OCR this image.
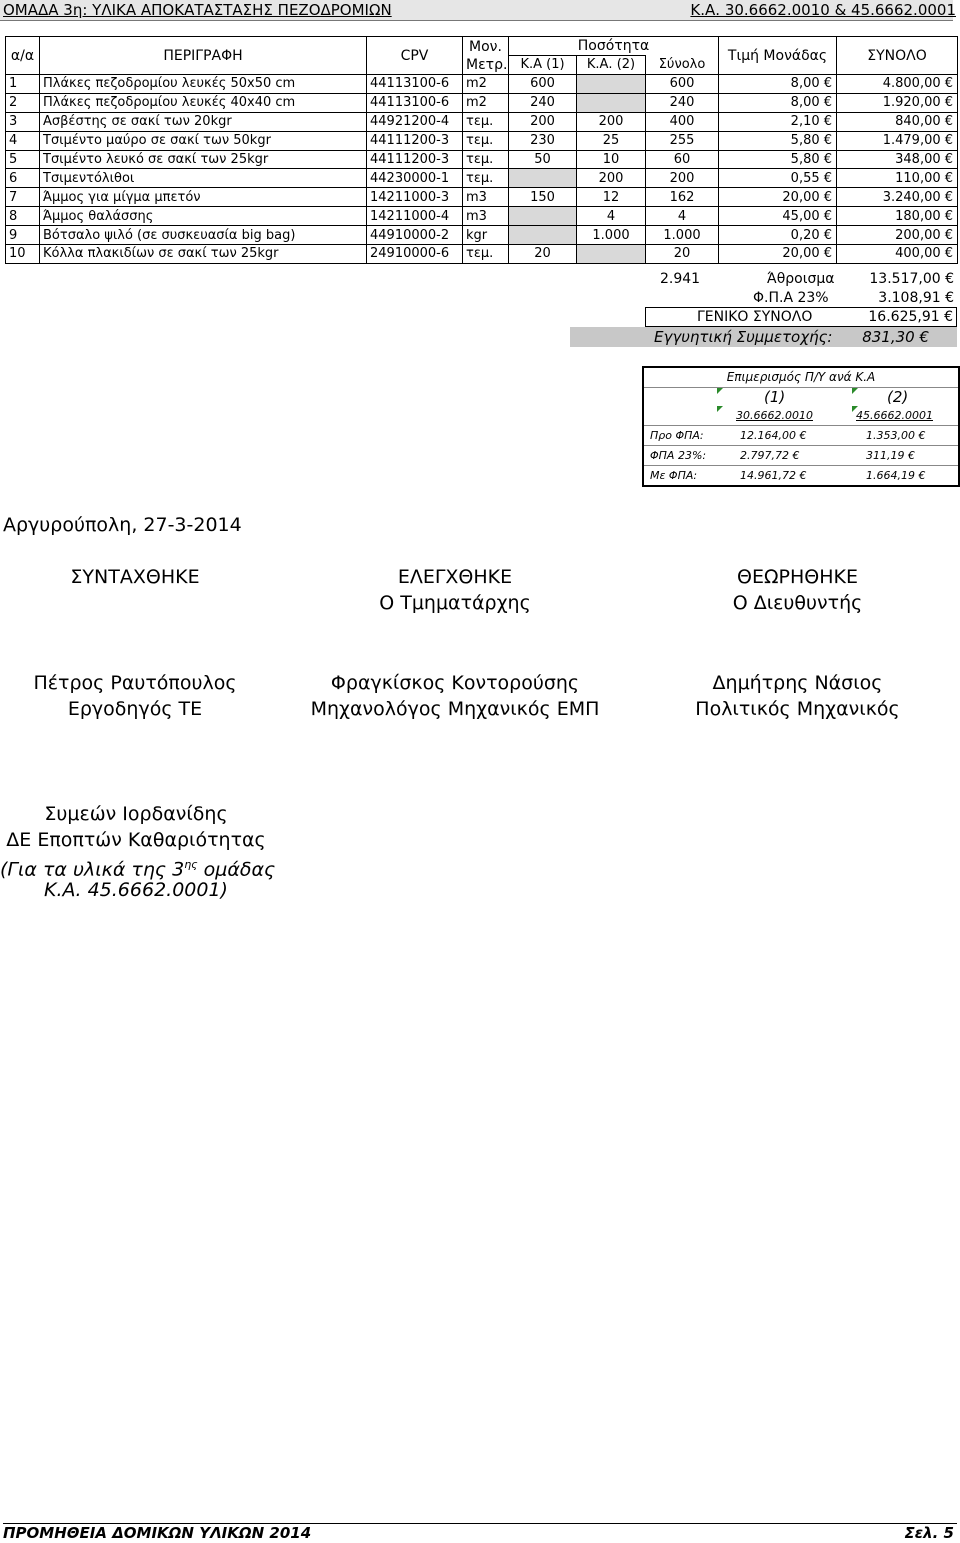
ΟΜΑΔΑ 3η: ΥΛΙΚΑ ΑΠΟΚΑΤΑΣΤΑΣΗΣ ΠΕΖΟΔΡΟΜΙΩΝ	Κ.Α. 30.6662.0010 & 45.6662.0001
α/α	ΠΕΡΙΓΡΑΦΗ	CPV	Μον.
Μετρ.	Ποσότητα			Τιμή Μονάδας	ΣΥΝΟΛΟ
				Κ.Α (1)	Κ.Α. (2)	Σύνολο		
1	Πλάκες πεζοδρομίου λευκές 50x50 cm	44113100-6	m2	600		600	8,00 €	4.800,00 €
2	Πλάκες πεζοδρομίου λευκές 40x40 cm	44113100-6	m2	240		240	8,00 €	1.920,00 €
3	Ασβέστης σε σακί των 20kgr	44921200-4	τεμ.	200	200	400	2,10 €	840,00 €
4	Τσιμέντο μαύρο σε σακί των 50kgr	44111200-3	τεμ.	230	25	255	5,80 €	1.479,00 €
5	Τσιμέντο λευκό σε σακί των 25kgr	44111200-3	τεμ.	50	10	60	5,80 €	348,00 €
6	Τσιμεντόλιθοι	44230000-1	τεμ.		200	200	0,55 €	110,00 €
7	Άμμος για μίγμα μπετόν	14211000-3	m3	150	12	162	20,00 €	3.240,00 €
8	Άμμος θαλάσσης	14211000-4	m3		4	4	45,00 €	180,00 €
9	Βότσαλο ψιλό (σε συσκευασία big bag)	44910000-2	kgr		1.000	1.000	0,20 €	200,00 €
10	Κόλλα πλακιδίων σε σακί των 25kgr	24910000-6	τεμ.	20		20	20,00 €	400,00 €
2.941	Άθροισμα 13.517,00 €
Φ.Π.Α 23%	3.108,91 €
ΓΕΝΙΚΟ ΣΥΝΟΛΟ	16.625,91 €
Εγγυητική Συμμετοχής: 831,30 €
Επιμερισμός Π/Υ ανά Κ.Α
(1)	(2)
30.6662.0010	45.6662.0001
Προ ΦΠΑ:	12.164,00 €	1.353,00 €
ΦΠΑ 23%:	2.797,72 €	311,19 €
Με ΦΠΑ:	14.961,72 €	1.664,19 €
Αργυρούπολη, 27-3-2014
ΣΥΝΤΑΧΘΗΚΕ	ΕΛΕΓΧΘΗΚΕ
Ο Τμηματάρχης
ΘΕΩΡΗΘΗΚΕ
Ο Διευθυντής
Πέτρος Ραυτόπουλος
Εργοδηγός ΤΕ
Φραγκίσκος Κοντορούσης
Μηχανολόγος Μηχανικός ΕΜΠ
Δημήτρης Νάσιος
Πολιτικός Μηχανικός
Συμεών Ιορδανίδης
ΔΕ Εποπτών Καθαριότητας
(Για τα υλικά της $3^{\eta\varsigma}$ ομάδας
Κ.Α. 45.6662.0001)
ΠΡΟΜΗΘΕΙΑ ΔΟΜΙΚΩΝ ΥΛΙΚΩΝ 2014	Σελ. 5
